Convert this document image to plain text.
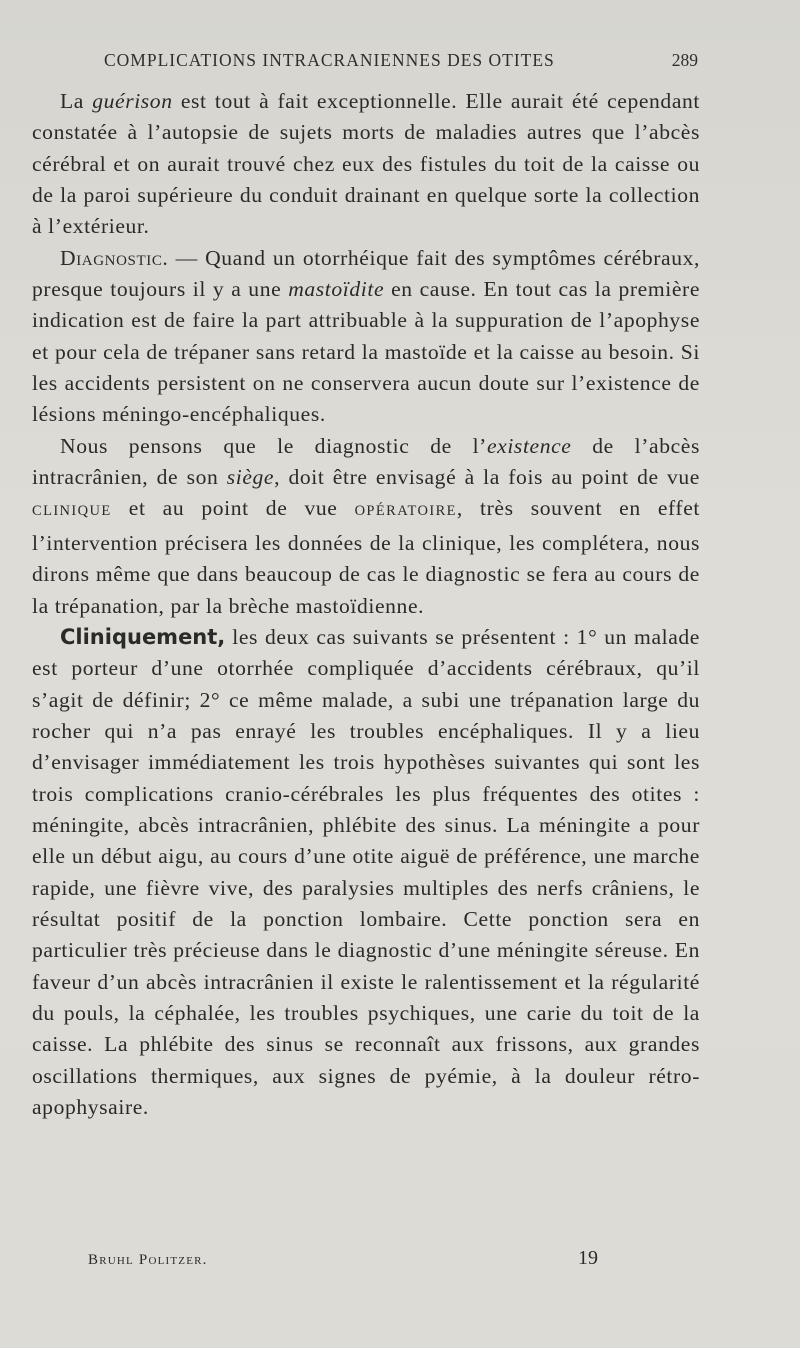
COMPLICATIONS INTRACRANIENNES DES OTITES	289

La guérison est tout à fait exceptionnelle. Elle aurait été cependant constatée à l’autopsie de sujets morts de maladies autres que l’abcès cérébral et on aurait trouvé chez eux des fistules du toit de la caisse ou de la paroi supérieure du conduit drainant en quelque sorte la collection à l’extérieur.

Diagnostic. — Quand un otorrhéique fait des symptômes cérébraux, presque toujours il y a une mastoïdite en cause. En tout cas la première indication est de faire la part attribuable à la suppuration de l’apophyse et pour cela de trépaner sans retard la mastoïde et la caisse au besoin. Si les accidents persistent on ne conservera aucun doute sur l’existence de lésions méningo-encéphaliques.

Nous pensons que le diagnostic de l’existence de l’abcès intracrânien, de son siège, doit être envisagé à la fois au point de vue CLINIQUE et au point de vue OPÉRATOIRE, très souvent en effet l’intervention précisera les données de la clinique, les complétera, nous dirons même que dans beaucoup de cas le diagnostic se fera au cours de la trépanation, par la brèche mastoïdienne.

Cliniquement, les deux cas suivants se présentent : 1° un malade est porteur d’une otorrhée compliquée d’accidents cérébraux, qu’il s’agit de définir; 2° ce même malade, a subi une trépanation large du rocher qui n’a pas enrayé les troubles encéphaliques. Il y a lieu d’envisager immédiatement les trois hypothèses suivantes qui sont les trois complications cranio-cérébrales les plus fréquentes des otites : méningite, abcès intracrânien, phlébite des sinus. La méningite a pour elle un début aigu, au cours d’une otite aiguë de préférence, une marche rapide, une fièvre vive, des paralysies multiples des nerfs crâniens, le résultat positif de la ponction lombaire. Cette ponction sera en particulier très précieuse dans le diagnostic d’une méningite séreuse. En faveur d’un abcès intracrânien il existe le ralentissement et la régularité du pouls, la céphalée, les troubles psychiques, une carie du toit de la caisse. La phlébite des sinus se reconnaît aux frissons, aux grandes oscillations thermiques, aux signes de pyémie, à la douleur rétro-apophysaire.

Bruhl Politzer.	19
